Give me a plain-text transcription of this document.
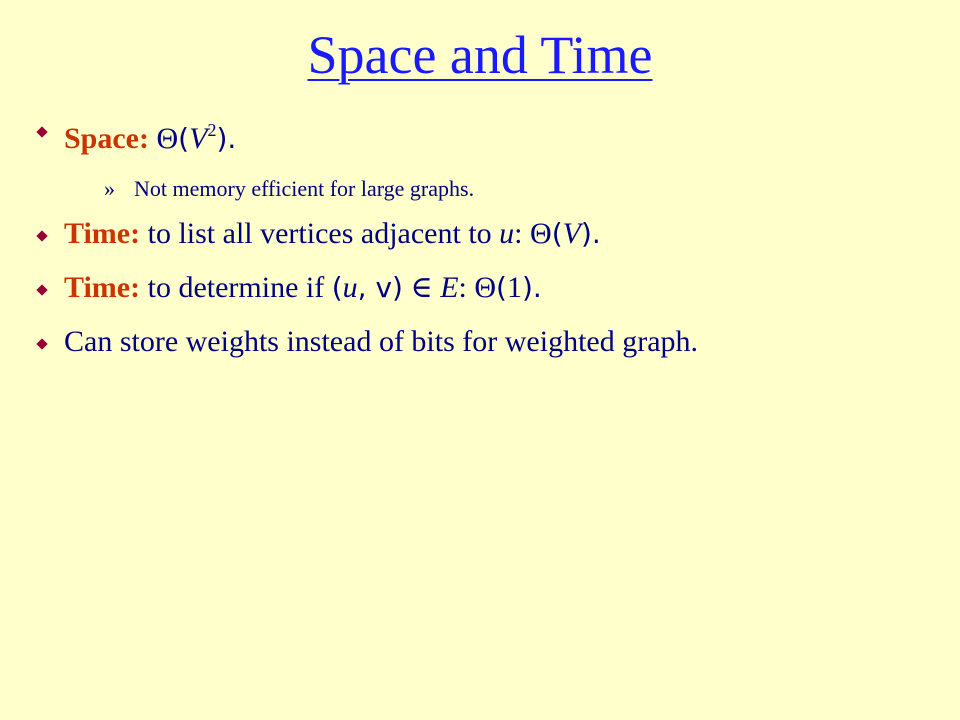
Space and Time
Space: $\Theta(V^2)$.
» Not memory efficient for large graphs.
Time: to list all vertices adjacent to u: Θ(V).
Time: to determine if (u, v) ∈ E: Θ(1).
Can store weights instead of bits for weighted graph.
